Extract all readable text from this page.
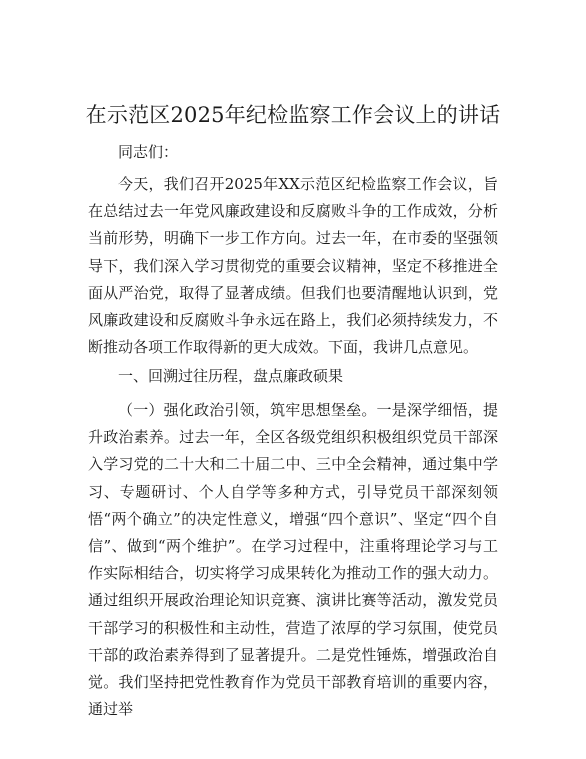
在示范区2025年纪检监察工作会议上的讲话

同志们：

今天，我们召开2025年XX示范区纪检监察工作会议，旨在总结过去一年党风廉政建设和反腐败斗争的工作成效，分析当前形势，明确下一步工作方向。过去一年，在市委的坚强领导下，我们深入学习贯彻党的重要会议精神，坚定不移推进全面从严治党，取得了显著成绩。但我们也要清醒地认识到，党风廉政建设和反腐败斗争永远在路上，我们必须持续发力，不断推动各项工作取得新的更大成效。下面，我讲几点意见。

一、回溯过往历程，盘点廉政硕果

（一）强化政治引领，筑牢思想堡垒。一是深学细悟，提升政治素养。过去一年，全区各级党组织积极组织党员干部深入学习党的二十大和二十届二中、三中全会精神，通过集中学习、专题研讨、个人自学等多种方式，引导党员干部深刻领悟“两个确立”的决定性意义，增强“四个意识”、坚定“四个自信”、做到“两个维护”。在学习过程中，注重将理论学习与工作实际相结合，切实将学习成果转化为推动工作的强大动力。通过组织开展政治理论知识竞赛、演讲比赛等活动，激发党员干部学习的积极性和主动性，营造了浓厚的学习氛围，使党员干部的政治素养得到了显著提升。二是党性锤炼，增强政治自觉。我们坚持把党性教育作为党员干部教育培训的重要内容，通过举
